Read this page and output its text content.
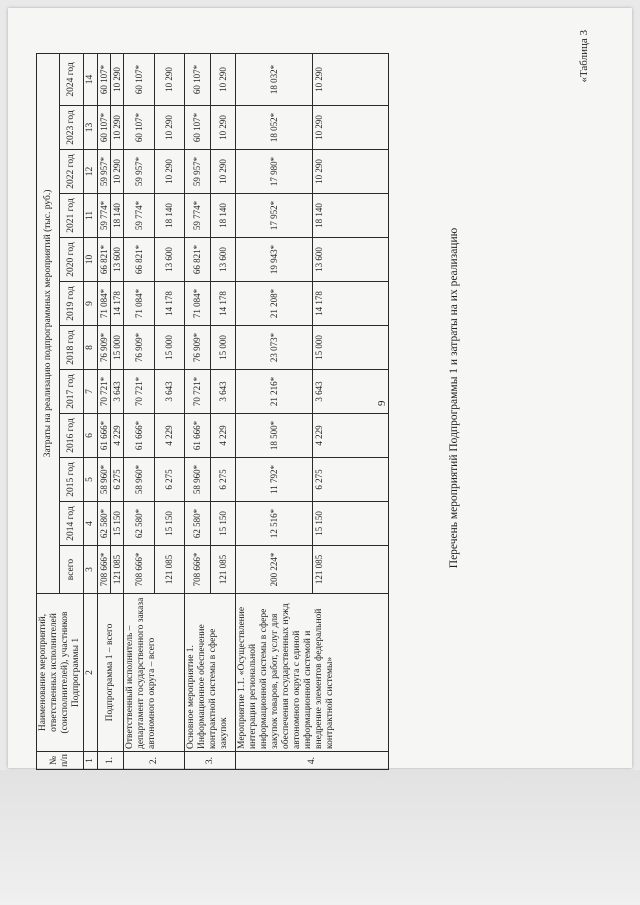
9
«Таблица 3
Перечень мероприятий Подпрограммы 1 и затраты на их реализацию
№ п/п	Наименование мероприятий, ответственных исполнителей (соисполнителей), участников Подпрограммы 1	Затраты на реализацию подпрограммных мероприятий (тыс. руб.)											
		всего	2014 год	2015 год	2016 год	2017 год	2018 год	2019 год	2020 год	2021 год	2022 год	2023 год	2024 год
1	2	3	4	5	6	7	8	9	10	11	12	13	14
1.	Подпрограмма 1 – всего	708 666*	62 580*	58 960*	61 666*	70 721*	76 909*	71 084*	66 821*	59 774*	59 957*	60 107*	60 107*
		121 085	15 150	6 275	4 229	3 643	15 000	14 178	13 600	18 140	10 290	10 290	10 290
2.	Ответственный исполнитель – департамент государственного заказа автономного округа – всего	708 666*	62 580*	58 960*	61 666*	70 721*	76 909*	71 084*	66 821*	59 774*	59 957*	60 107*	60 107*
		121 085	15 150	6 275	4 229	3 643	15 000	14 178	13 600	18 140	10 290	10 290	10 290
3.	Основное мероприятие 1. Информационное обеспечение контрактной системы в сфере закупок	708 666*	62 580*	58 960*	61 666*	70 721*	76 909*	71 084*	66 821*	59 774*	59 957*	60 107*	60 107*
		121 085	15 150	6 275	4 229	3 643	15 000	14 178	13 600	18 140	10 290	10 290	10 290
4.	Мероприятие 1.1. «Осуществление интеграции региональной информационной системы в сфере закупок товаров, работ, услуг для обеспечения государственных нужд автономного округа с единой информационной системой и внедрение элементов федеральной контрактной системы»	200 224*	12 516*	11 792*	18 500*	21 216*	23 073*	21 208*	19 943*	17 952*	17 980*	18 052*	18 032*
		121 085	15 150	6 275	4 229	3 643	15 000	14 178	13 600	18 140	10 290	10 290	10 290
